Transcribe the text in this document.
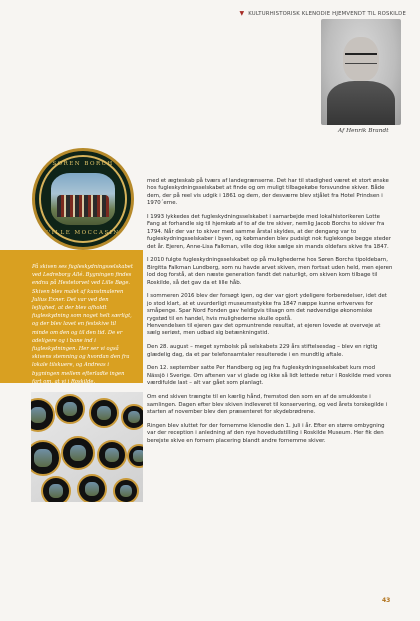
▼ KULTURHISTORISK KLENODIE HJEMVENDT TIL ROSKILDE
Af Henrik Brandt
SØREN BORCH
VILLE MOCCASIN

På skiven ses fugleskydningsselskabet ved Ledreborg Allé. Bygningen findes endnu på Hestetorvet ved Lille Bøge. Skiven blev malet af kunstmaleren Julius Exner. Det var ved den lejlighed, at der blev afholdt fugleskydning som noget helt særligt, og der blev lavet en festskive til minde om den og til den tid. De er adeligere og i bane ind i fugleskydningen. Her ser vi også skivens stemning og hvordan den fra lokale tilskuere, og Andreas i bygningen mellem efterladte ingen fart om, at vi i Roskilde.

med et ægteskab på tværs af landegrænserne. Det har til stadighed været et stort ønske hos fugleskydningsselskabet at finde og om muligt tilbagekøbe forsvundne skiver. Både dem, der på reel vis udgik i 1861 og dem, der desværre blev stjålet fra Hotel Prindsen i 1970´erne.

I 1993 lykkedes det fugleskydningsselskabet i samarbejde med lokalhistorikeren Lotte Fang at forhandle sig til hjemkøb af to af de tre skiver, nemlig Jacob Borchs to skiver fra 1794. Når der var to skiver med samme årstal skyldes, at der dengang var to fugleskydningsselskaber i byen, og købmanden blev pudsigt nok fuglekonge begge steder det år. Ejeren, Anne-Lisa Falkman, ville dog ikke sælge sin mands oldefars skive fra 1847.

I 2010 fulgte fugleskydningsselskabet op på mulighederne hos Søren Borchs tipoldebarn, Birgitta Falkman Lundberg, som nu havde arvet skiven, men fortsat uden held, men ejeren lod dog forstå, at den næste generation fandt det naturligt, om skiven kom tilbage til Roskilde, så det gav da et lille håb.

I sommeren 2016 blev der forsøgt igen, og der var gjort ydeligere forberedelser, idet det jo stod klart, at et uvurderligt museumsstykke fra 1847 næppe kunne erhverves for småpenge. Spar Nord Fonden gav heldigvis tilsagn om det nødvendige økonomiske rygstød til en handel, hvis mulighederne skulle opstå.
Henvendelsen til ejeren gav det opmuntrende resultat, at ejeren lovede at overveje at sælg seriøst, men udbad sig betænkningstid.

Den 28. august – meget symbolsk på selskabets 229 års stiftelsesdag – blev en rigtig glædelig dag, da et par telefonsamtaler resulterede i en mundtlig aftale.

Den 12. september satte Per Handberg og jeg fra fugleskydningsselskabet kurs mod Nässjö i Sverige. Om aftenen var vi glade og ikke så lidt lettede retur i Roskilde med vores værdifulde last – alt var gået som planlagt.

Om end skiven trængte til en kærlig hånd, fremstod den som en af de smukkeste i samlingen. Dagen efter blev skiven indleveret til konservering, og ved årets torskegilde i starten af november blev den præsenteret for skydebrødrene.

Ringen blev sluttet for der fornemme klenodie den 1. juli i år. Efter en større ombygning var der reception i anledning af den nye hovedudstilling i Roskilde Museum. Her fik den berejste skive en fornem placering blandt andre fornemme skiver.

43
